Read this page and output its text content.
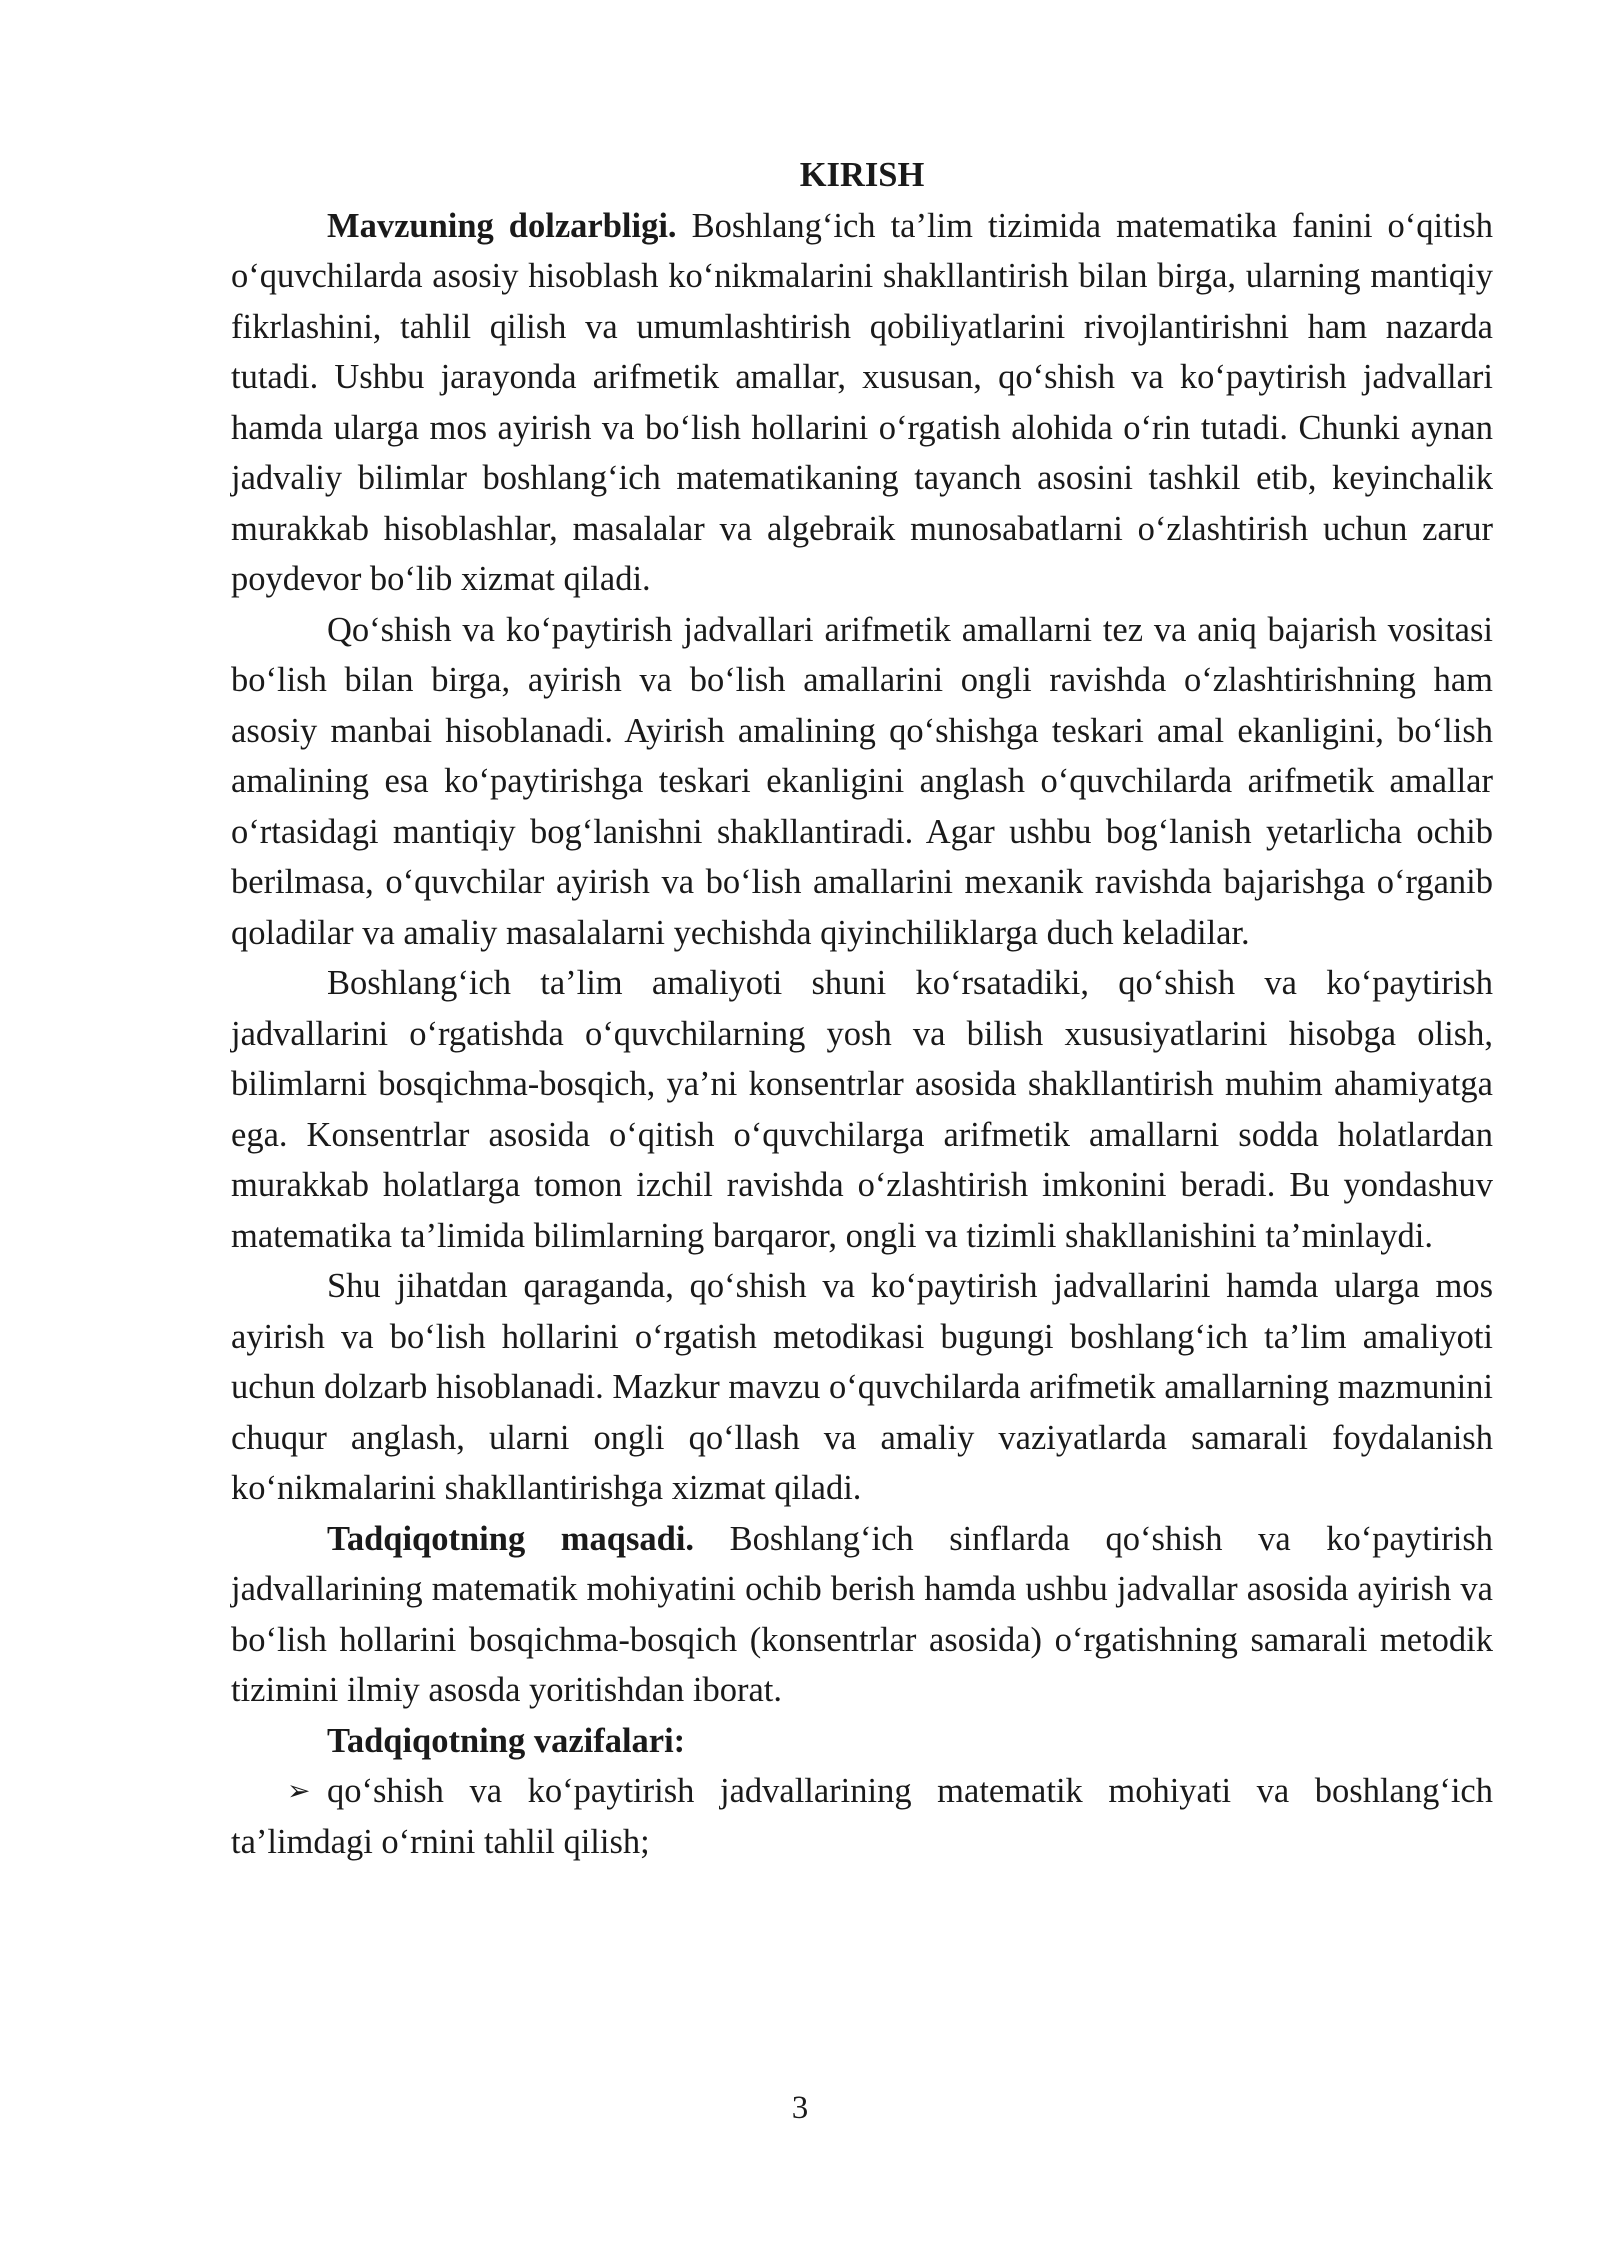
KIRISH

Mavzuning dolzarbligi. Boshlang‘ich ta’lim tizimida matematika fanini o‘qitish o‘quvchilarda asosiy hisoblash ko‘nikmalarini shakllantirish bilan birga, ularning mantiqiy fikrlashini, tahlil qilish va umumlashtirish qobiliyatlarini rivojlantirishni ham nazarda tutadi. Ushbu jarayonda arifmetik amallar, xususan, qo‘shish va ko‘paytirish jadvallari hamda ularga mos ayirish va bo‘lish hollarini o‘rgatish alohida o‘rin tutadi. Chunki aynan jadvaliy bilimlar boshlang‘ich matematikaning tayanch asosini tashkil etib, keyinchalik murakkab hisoblashlar, masalalar va algebraik munosabatlarni o‘zlashtirish uchun zarur poydevor bo‘lib xizmat qiladi.

Qo‘shish va ko‘paytirish jadvallari arifmetik amallarni tez va aniq bajarish vositasi bo‘lish bilan birga, ayirish va bo‘lish amallarini ongli ravishda o‘zlashtirishning ham asosiy manbai hisoblanadi. Ayirish amalining qo‘shishga teskari amal ekanligini, bo‘lish amalining esa ko‘paytirishga teskari ekanligini anglash o‘quvchilarda arifmetik amallar o‘rtasidagi mantiqiy bog‘lanishni shakllantiradi. Agar ushbu bog‘lanish yetarlicha ochib berilmasa, o‘quvchilar ayirish va bo‘lish amallarini mexanik ravishda bajarishga o‘rganib qoladilar va amaliy masalalarni yechishda qiyinchiliklarga duch keladilar.

Boshlang‘ich ta’lim amaliyoti shuni ko‘rsatadiki, qo‘shish va ko‘paytirish jadvallarini o‘rgatishda o‘quvchilarning yosh va bilish xususiyatlarini hisobga olish, bilimlarni bosqichma-bosqich, ya’ni konsentrlar asosida shakllantirish muhim ahamiyatga ega. Konsentrlar asosida o‘qitish o‘quvchilarga arifmetik amallarni sodda holatlardan murakkab holatlarga tomon izchil ravishda o‘zlashtirish imkonini beradi. Bu yondashuv matematika ta’limida bilimlarning barqaror, ongli va tizimli shakllanishini ta’minlaydi.

Shu jihatdan qaraganda, qo‘shish va ko‘paytirish jadvallarini hamda ularga mos ayirish va bo‘lish hollarini o‘rgatish metodikasi bugungi boshlang‘ich ta’lim amaliyoti uchun dolzarb hisoblanadi. Mazkur mavzu o‘quvchilarda arifmetik amallarning mazmunini chuqur anglash, ularni ongli qo‘llash va amaliy vaziyatlarda samarali foydalanish ko‘nikmalarini shakllantirishga xizmat qiladi.

Tadqiqotning maqsadi. Boshlang‘ich sinflarda qo‘shish va ko‘paytirish jadvallarining matematik mohiyatini ochib berish hamda ushbu jadvallar asosida ayirish va bo‘lish hollarini bosqichma-bosqich (konsentrlar asosida) o‘rgatishning samarali metodik tizimini ilmiy asosda yoritishdan iborat.

Tadqiqotning vazifalari:

➢ qo‘shish va ko‘paytirish jadvallarining matematik mohiyati va boshlang‘ich ta’limdagi o‘rnini tahlil qilish;
3
